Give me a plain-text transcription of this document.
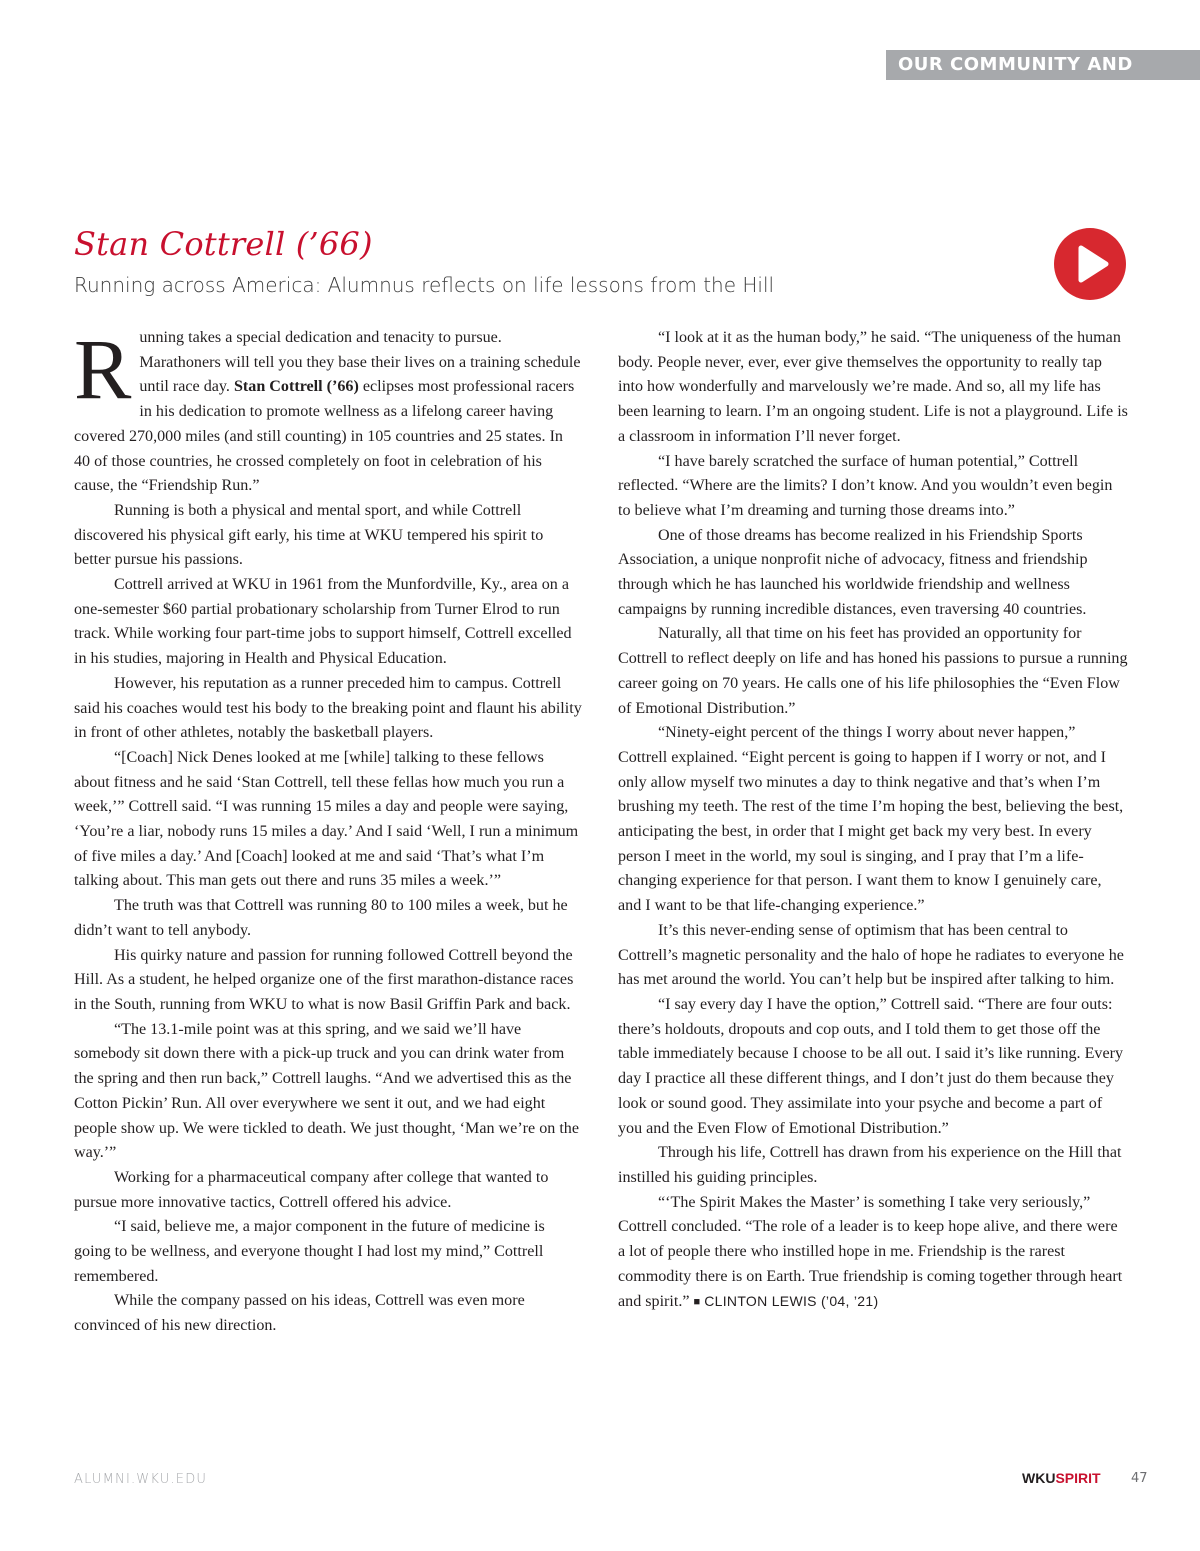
OUR COMMUNITY AND BEYOND
Stan Cottrell (’66)
Running across America: Alumnus reflects on life lessons from the Hill

Running takes a special dedication and tenacity to pursue. Marathoners will tell you they base their lives on a training schedule until race day. Stan Cottrell (’66) eclipses most professional racers in his dedication to promote wellness as a lifelong career having covered 270,000 miles (and still counting) in 105 countries and 25 states. In 40 of those countries, he crossed completely on foot in celebration of his cause, the “Friendship Run.”

Running is both a physical and mental sport, and while Cottrell discovered his physical gift early, his time at WKU tempered his spirit to better pursue his passions.

Cottrell arrived at WKU in 1961 from the Munfordville, Ky., area on a one-semester $60 partial probationary scholarship from Turner Elrod to run track. While working four part-time jobs to support himself, Cottrell excelled in his studies, majoring in Health and Physical Education.

However, his reputation as a runner preceded him to campus. Cottrell said his coaches would test his body to the breaking point and flaunt his ability in front of other athletes, notably the basketball players.

“[Coach] Nick Denes looked at me [while] talking to these fellows about fitness and he said ‘Stan Cottrell, tell these fellas how much you run a week,’” Cottrell said. “I was running 15 miles a day and people were saying, ‘You’re a liar, nobody runs 15 miles a day.’ And I said ‘Well, I run a minimum of five miles a day.’ And [Coach] looked at me and said ‘That’s what I’m talking about. This man gets out there and runs 35 miles a week.’”

The truth was that Cottrell was running 80 to 100 miles a week, but he didn’t want to tell anybody.

His quirky nature and passion for running followed Cottrell beyond the Hill. As a student, he helped organize one of the first marathon-distance races in the South, running from WKU to what is now Basil Griffin Park and back.

“The 13.1-mile point was at this spring, and we said we’ll have somebody sit down there with a pick-up truck and you can drink water from the spring and then run back,” Cottrell laughs. “And we advertised this as the Cotton Pickin’ Run. All over everywhere we sent it out, and we had eight people show up. We were tickled to death. We just thought, ‘Man we’re on the way.’”

Working for a pharmaceutical company after college that wanted to pursue more innovative tactics, Cottrell offered his advice.

“I said, believe me, a major component in the future of medicine is going to be wellness, and everyone thought I had lost my mind,” Cottrell remembered.

While the company passed on his ideas, Cottrell was even more convinced of his new direction.

“I look at it as the human body,” he said. “The uniqueness of the human body. People never, ever, ever give themselves the opportunity to really tap into how wonderfully and marvelously we’re made. And so, all my life has been learning to learn. I’m an ongoing student. Life is not a playground. Life is a classroom in information I’ll never forget.

“I have barely scratched the surface of human potential,” Cottrell reflected. “Where are the limits? I don’t know. And you wouldn’t even begin to believe what I’m dreaming and turning those dreams into.”

One of those dreams has become realized in his Friendship Sports Association, a unique nonprofit niche of advocacy, fitness and friendship through which he has launched his worldwide friendship and wellness campaigns by running incredible distances, even traversing 40 countries.

Naturally, all that time on his feet has provided an opportunity for Cottrell to reflect deeply on life and has honed his passions to pursue a running career going on 70 years. He calls one of his life philosophies the “Even Flow of Emotional Distribution.”

“Ninety-eight percent of the things I worry about never happen,” Cottrell explained. “Eight percent is going to happen if I worry or not, and I only allow myself two minutes a day to think negative and that’s when I’m brushing my teeth. The rest of the time I’m hoping the best, believing the best, anticipating the best, in order that I might get back my very best. In every person I meet in the world, my soul is singing, and I pray that I’m a life-changing experience for that person. I want them to know I genuinely care, and I want to be that life-changing experience.”

It’s this never-ending sense of optimism that has been central to Cottrell’s magnetic personality and the halo of hope he radiates to everyone he has met around the world. You can’t help but be inspired after talking to him.

“I say every day I have the option,” Cottrell said. “There are four outs: there’s holdouts, dropouts and cop outs, and I told them to get those off the table immediately because I choose to be all out. I said it’s like running. Every day I practice all these different things, and I don’t just do them because they look or sound good. They assimilate into your psyche and become a part of you and the Even Flow of Emotional Distribution.”

Through his life, Cottrell has drawn from his experience on the Hill that instilled his guiding principles.

“‘The Spirit Makes the Master’ is something I take very seriously,” Cottrell concluded. “The role of a leader is to keep hope alive, and there were a lot of people there who instilled hope in me. Friendship is the rarest commodity there is on Earth. True friendship is coming together through heart and spirit.” ■ CLINTON LEWIS (’04, ’21)

ALUMNI.WKU.EDU	WKUSPIRIT 47
